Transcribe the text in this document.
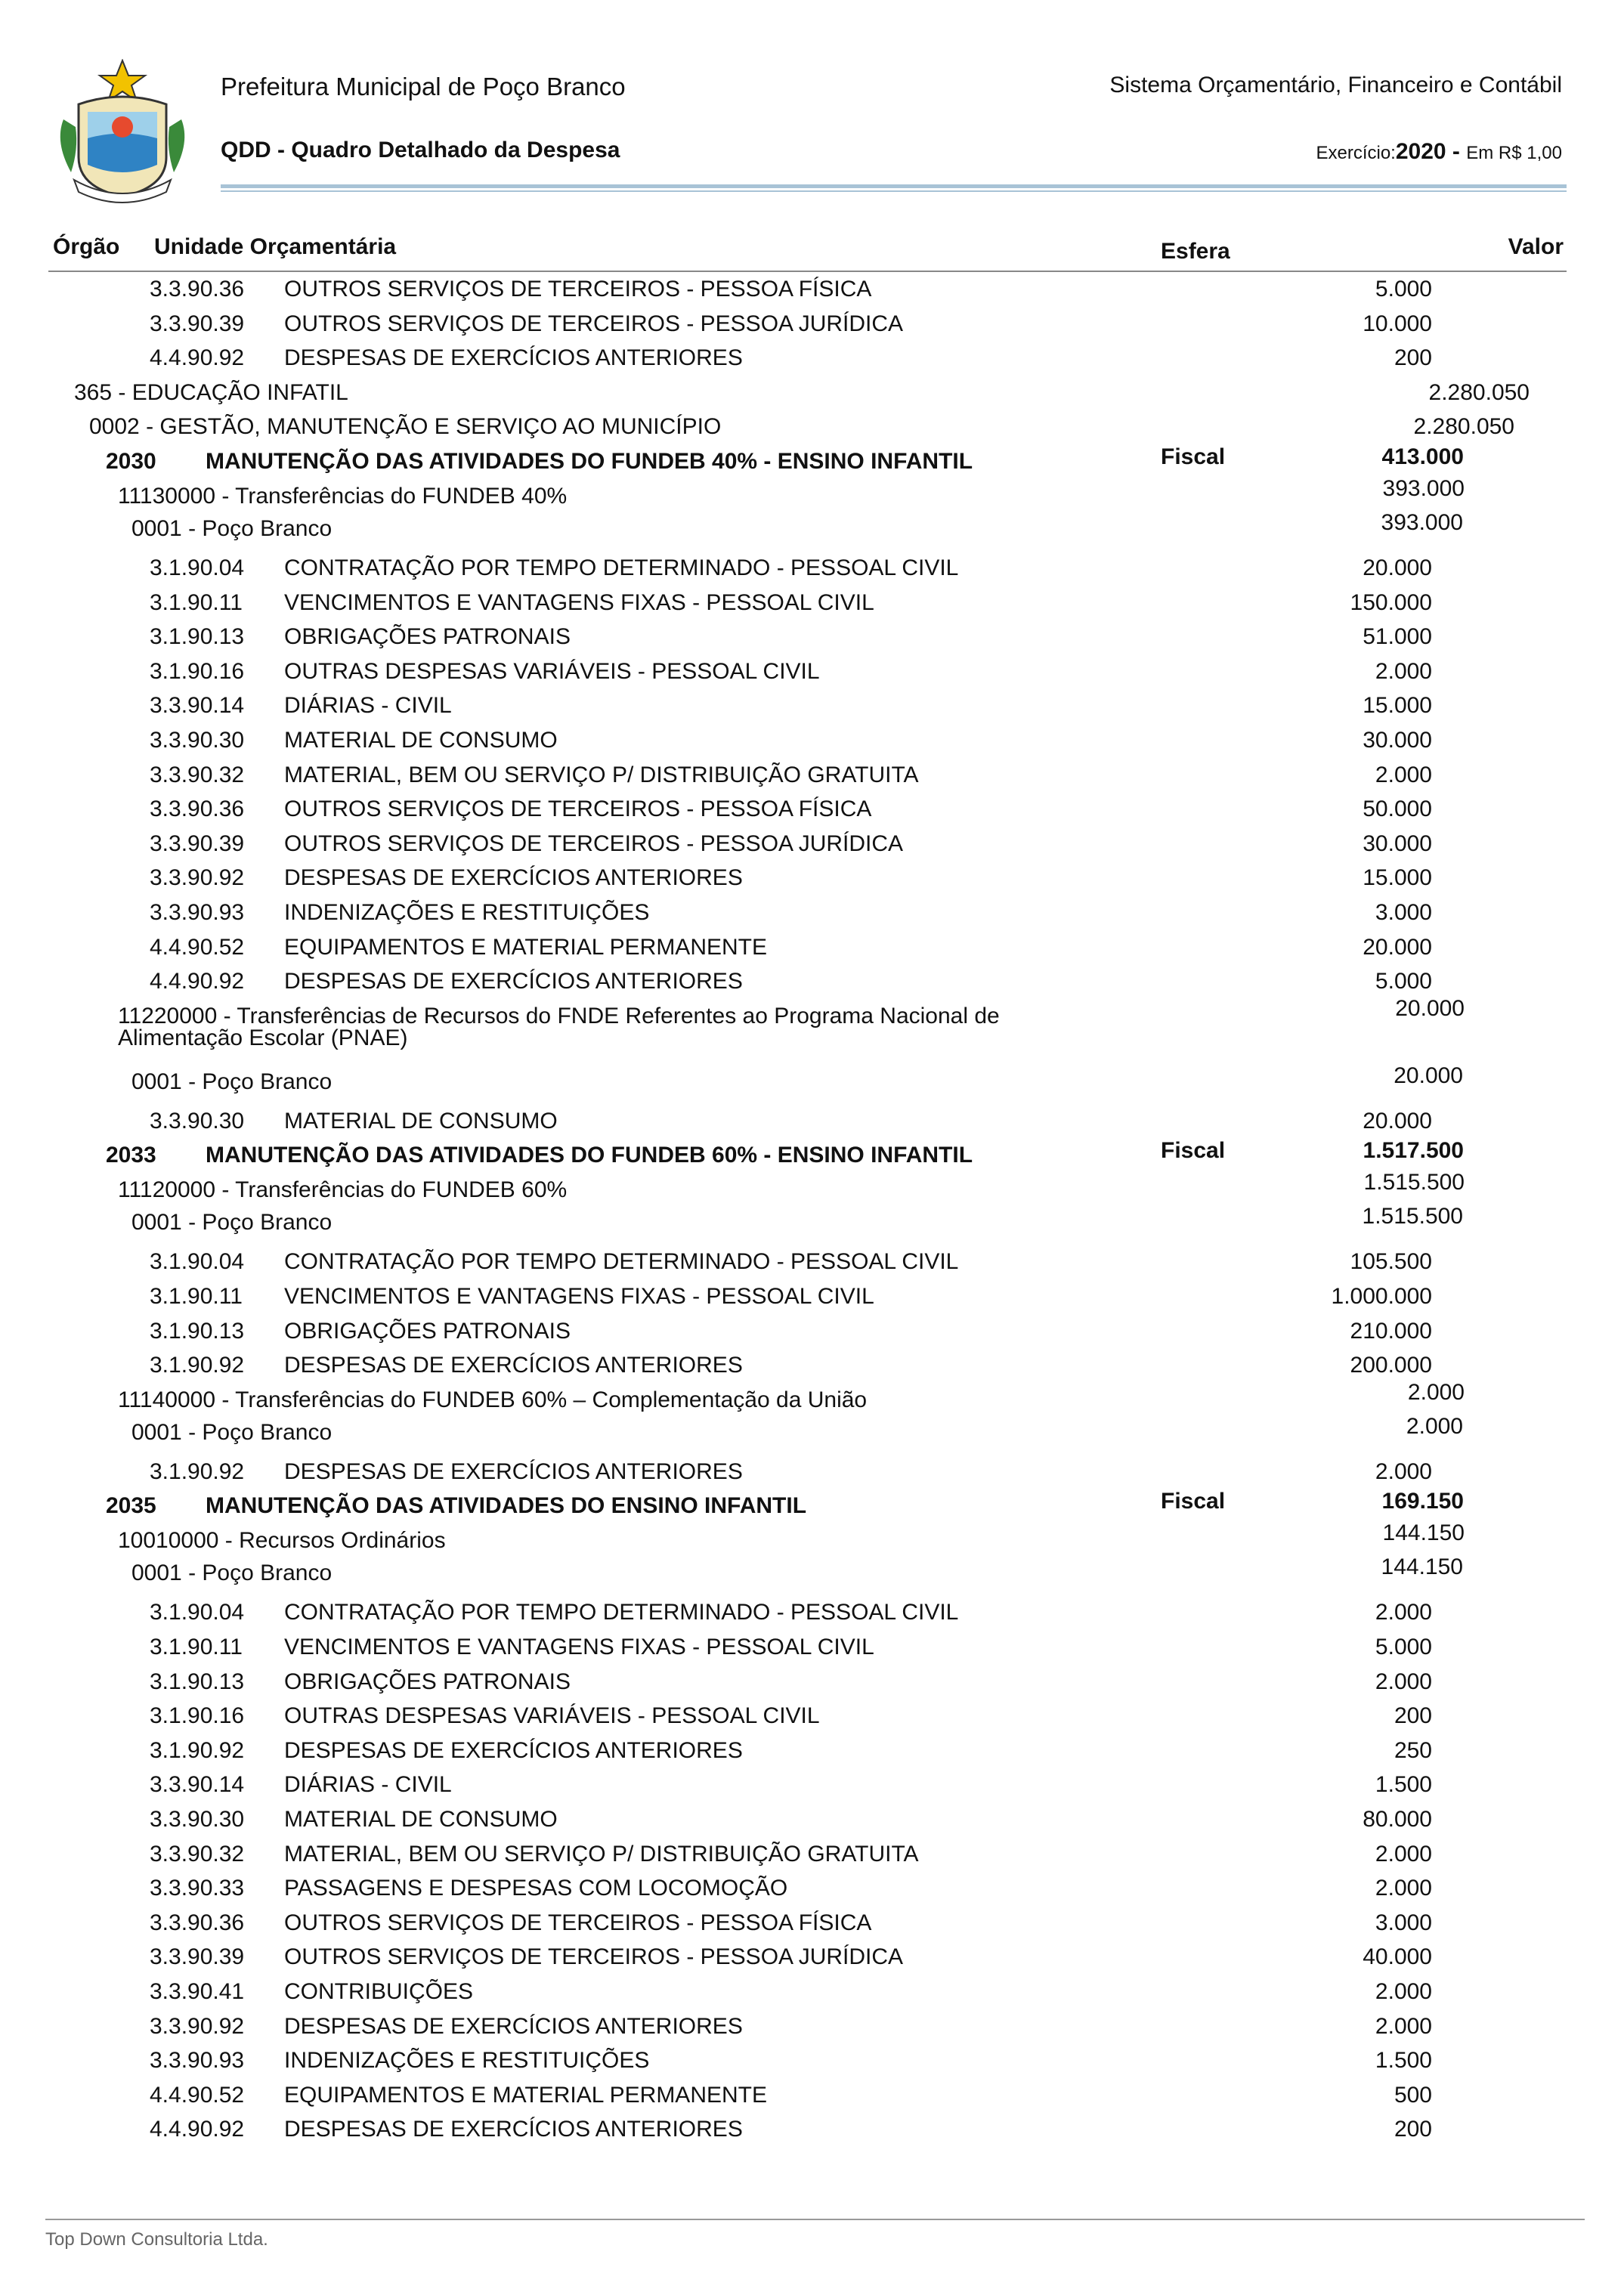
Prefeitura Municipal de Poço Branco
QDD - Quadro Detalhado da Despesa
Sistema Orçamentário, Financeiro e Contábil
Exercício:2020 - Em R$ 1,00
Órgão Unidade Orçamentária	Esfera	Valor
3.3.90.36 OUTROS SERVIÇOS DE TERCEIROS - PESSOA FÍSICA	5.000
3.3.90.39 OUTROS SERVIÇOS DE TERCEIROS - PESSOA JURÍDICA	10.000
4.4.90.92 DESPESAS DE EXERCÍCIOS ANTERIORES	200
365 - EDUCAÇÃO INFATIL	2.280.050
0002 - GESTÃO, MANUTENÇÃO E SERVIÇO AO MUNICÍPIO	2.280.050
2030 MANUTENÇÃO DAS ATIVIDADES DO FUNDEB 40% - ENSINO INFANTIL	Fiscal	413.000
11130000 - Transferências do FUNDEB 40%	393.000
0001 - Poço Branco	393.000
3.1.90.04 CONTRATAÇÃO POR TEMPO DETERMINADO - PESSOAL CIVIL	20.000
3.1.90.11 VENCIMENTOS E VANTAGENS FIXAS - PESSOAL CIVIL	150.000
3.1.90.13 OBRIGAÇÕES PATRONAIS	51.000
3.1.90.16 OUTRAS DESPESAS VARIÁVEIS - PESSOAL CIVIL	2.000
3.3.90.14 DIÁRIAS - CIVIL	15.000
3.3.90.30 MATERIAL DE CONSUMO	30.000
3.3.90.32 MATERIAL, BEM OU SERVIÇO P/ DISTRIBUIÇÃO GRATUITA	2.000
3.3.90.36 OUTROS SERVIÇOS DE TERCEIROS - PESSOA FÍSICA	50.000
3.3.90.39 OUTROS SERVIÇOS DE TERCEIROS - PESSOA JURÍDICA	30.000
3.3.90.92 DESPESAS DE EXERCÍCIOS ANTERIORES	15.000
3.3.90.93 INDENIZAÇÕES E RESTITUIÇÕES	3.000
4.4.90.52 EQUIPAMENTOS E MATERIAL PERMANENTE	20.000
4.4.90.92 DESPESAS DE EXERCÍCIOS ANTERIORES	5.000
11220000 - Transferências de Recursos do FNDE Referentes ao Programa Nacional de	20.000
Alimentação Escolar (PNAE)
0001 - Poço Branco	20.000
3.3.90.30 MATERIAL DE CONSUMO	20.000
2033 MANUTENÇÃO DAS ATIVIDADES DO FUNDEB 60% - ENSINO INFANTIL	Fiscal	1.517.500
11120000 - Transferências do FUNDEB 60%	1.515.500
0001 - Poço Branco	1.515.500
3.1.90.04 CONTRATAÇÃO POR TEMPO DETERMINADO - PESSOAL CIVIL	105.500
3.1.90.11 VENCIMENTOS E VANTAGENS FIXAS - PESSOAL CIVIL	1.000.000
3.1.90.13 OBRIGAÇÕES PATRONAIS	210.000
3.1.90.92 DESPESAS DE EXERCÍCIOS ANTERIORES	200.000
11140000 - Transferências do FUNDEB 60% – Complementação da União	2.000
0001 - Poço Branco	2.000
3.1.90.92 DESPESAS DE EXERCÍCIOS ANTERIORES	2.000
2035 MANUTENÇÃO DAS ATIVIDADES DO ENSINO INFANTIL	Fiscal	169.150
10010000 - Recursos Ordinários	144.150
0001 - Poço Branco	144.150
3.1.90.04 CONTRATAÇÃO POR TEMPO DETERMINADO - PESSOAL CIVIL	2.000
3.1.90.11 VENCIMENTOS E VANTAGENS FIXAS - PESSOAL CIVIL	5.000
3.1.90.13 OBRIGAÇÕES PATRONAIS	2.000
3.1.90.16 OUTRAS DESPESAS VARIÁVEIS - PESSOAL CIVIL	200
3.1.90.92 DESPESAS DE EXERCÍCIOS ANTERIORES	250
3.3.90.14 DIÁRIAS - CIVIL	1.500
3.3.90.30 MATERIAL DE CONSUMO	80.000
3.3.90.32 MATERIAL, BEM OU SERVIÇO P/ DISTRIBUIÇÃO GRATUITA	2.000
3.3.90.33 PASSAGENS E DESPESAS COM LOCOMOÇÃO	2.000
3.3.90.36 OUTROS SERVIÇOS DE TERCEIROS - PESSOA FÍSICA	3.000
3.3.90.39 OUTROS SERVIÇOS DE TERCEIROS - PESSOA JURÍDICA	40.000
3.3.90.41 CONTRIBUIÇÕES	2.000
3.3.90.92 DESPESAS DE EXERCÍCIOS ANTERIORES	2.000
3.3.90.93 INDENIZAÇÕES E RESTITUIÇÕES	1.500
4.4.90.52 EQUIPAMENTOS E MATERIAL PERMANENTE	500
4.4.90.92 DESPESAS DE EXERCÍCIOS ANTERIORES	200
Top Down Consultoria Ltda.
